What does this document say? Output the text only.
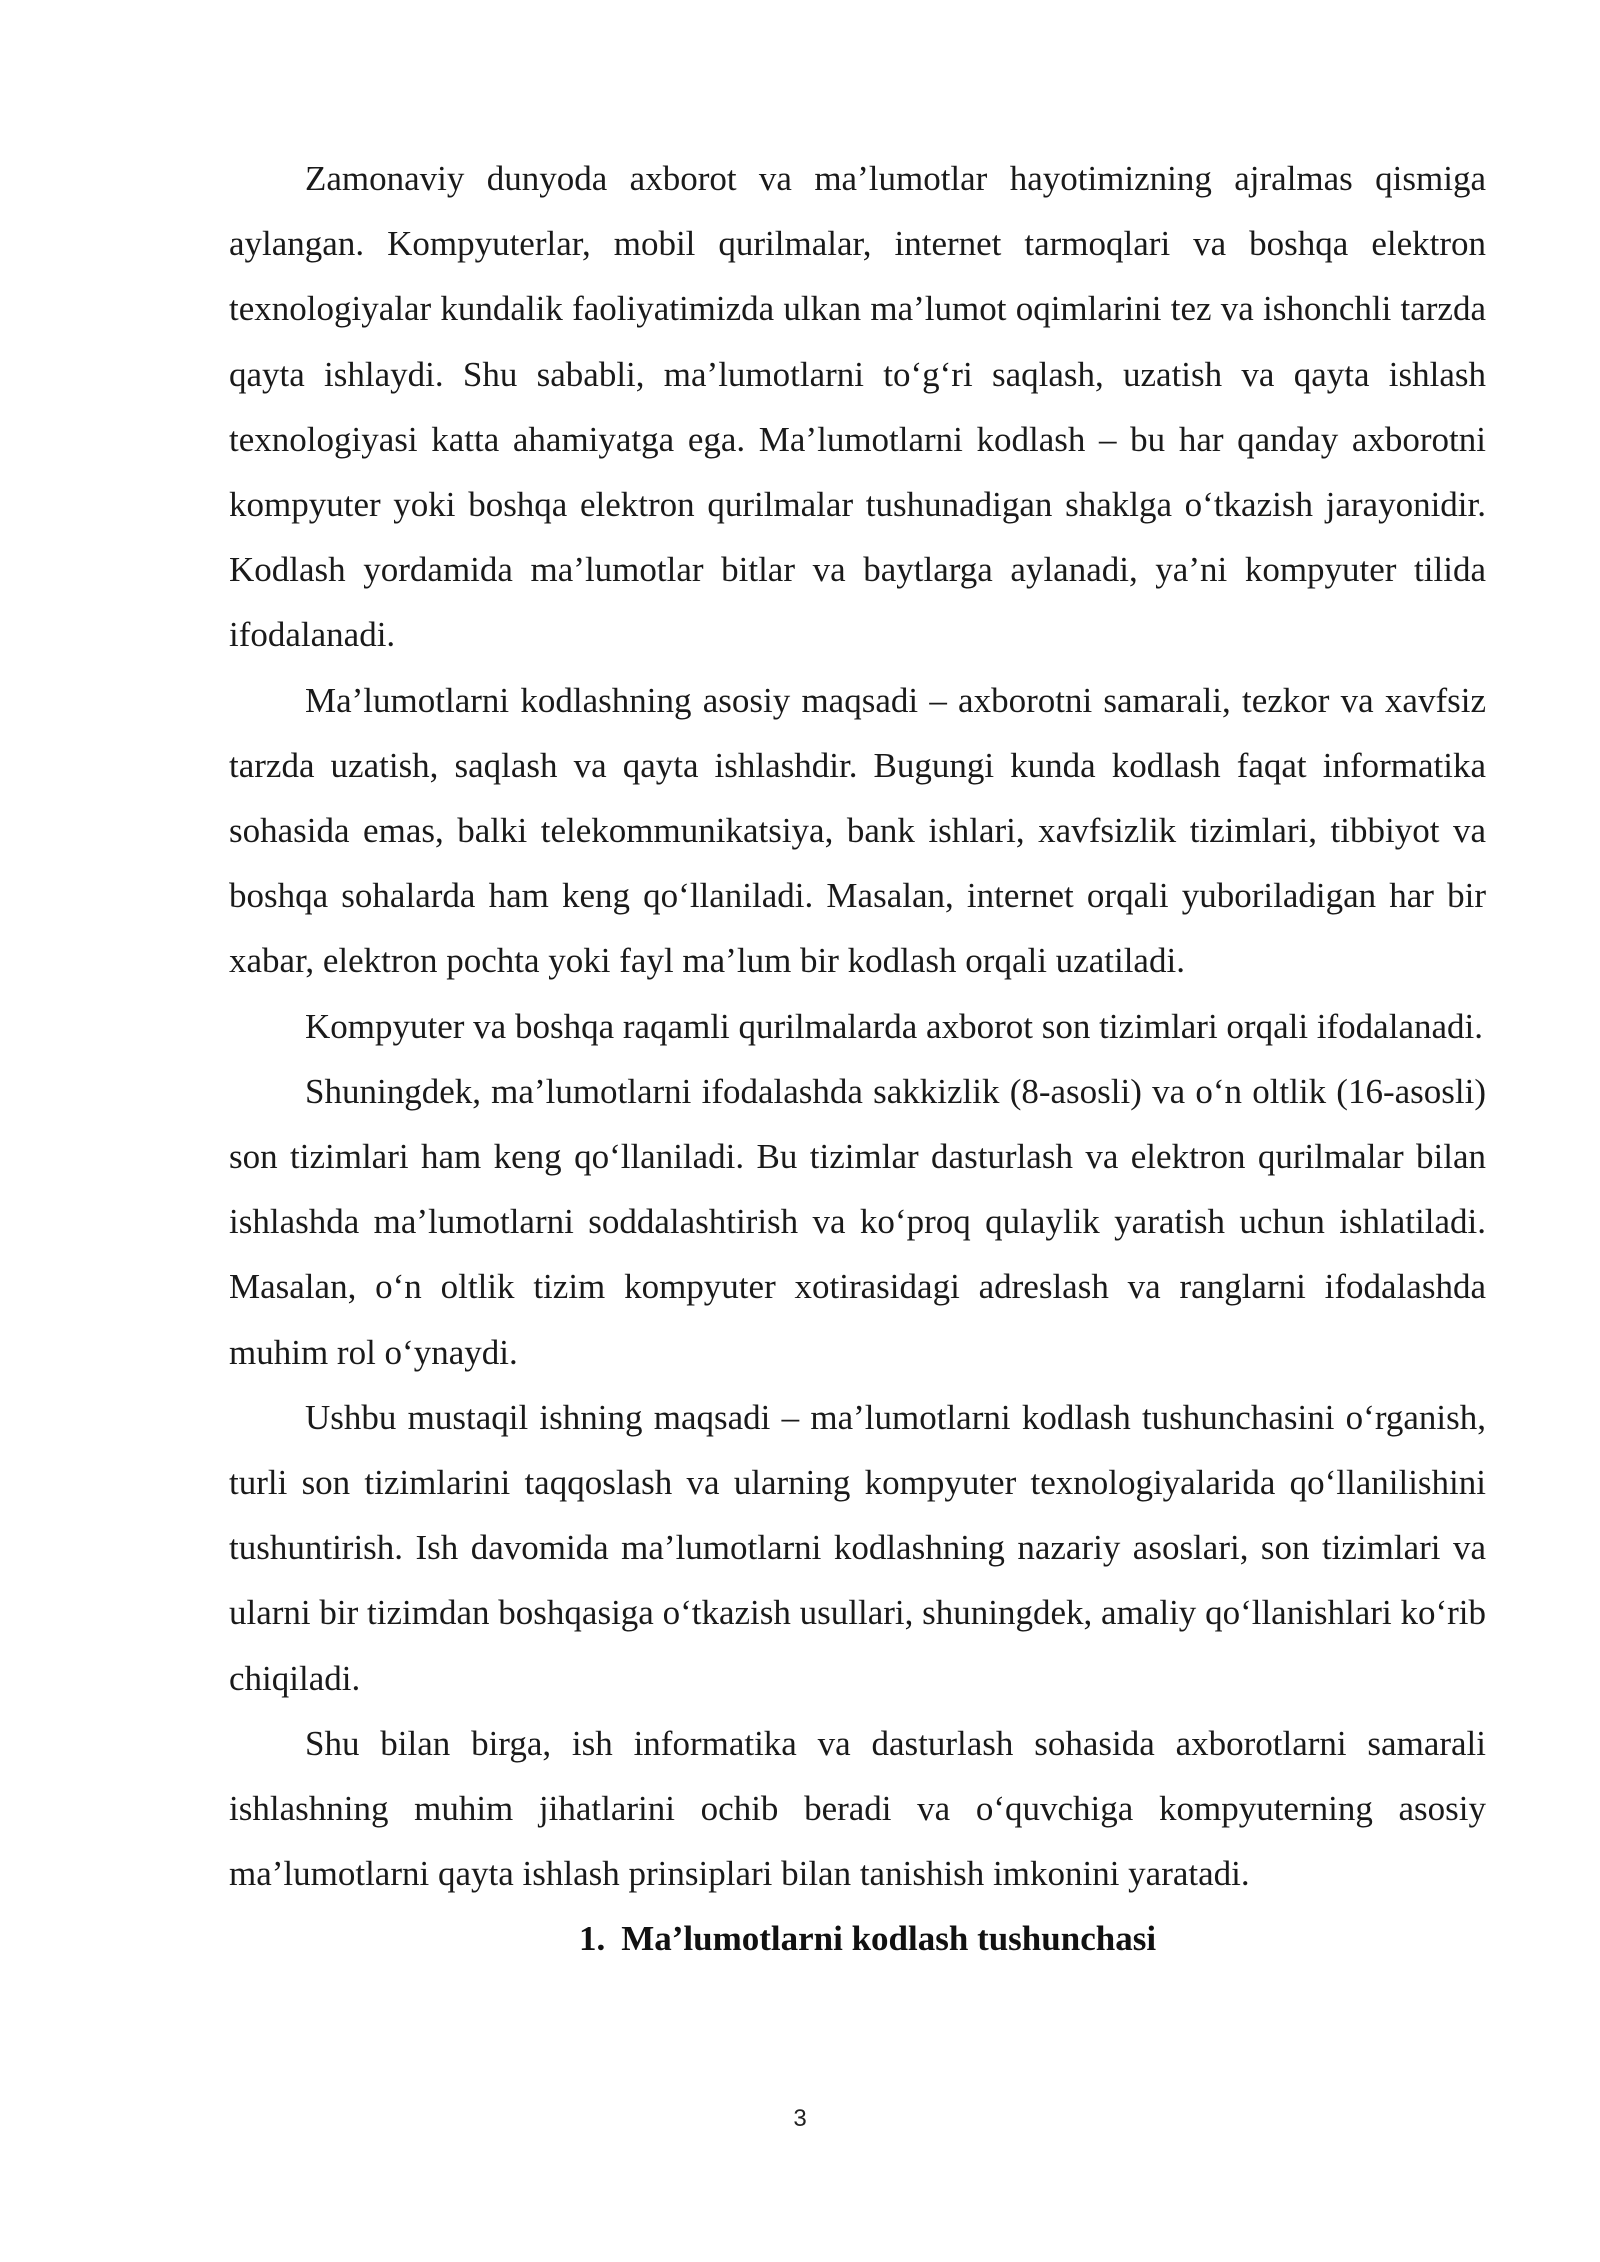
Zamonaviy dunyoda axborot va ma’lumotlar hayotimizning ajralmas qismiga aylangan. Kompyuterlar, mobil qurilmalar, internet tarmoqlari va boshqa elektron texnologiyalar kundalik faoliyatimizda ulkan ma’lumot oqimlarini tez va ishonchli tarzda qayta ishlaydi. Shu sababli, ma’lumotlarni to‘g‘ri saqlash, uzatish va qayta ishlash texnologiyasi katta ahamiyatga ega. Ma’lumotlarni kodlash – bu har qanday axborotni kompyuter yoki boshqa elektron qurilmalar tushunadigan shaklga o‘tkazish jarayonidir. Kodlash yordamida ma’lumotlar bitlar va baytlarga aylanadi, ya’ni kompyuter tilida ifodalanadi.

Ma’lumotlarni kodlashning asosiy maqsadi – axborotni samarali, tezkor va xavfsiz tarzda uzatish, saqlash va qayta ishlashdir. Bugungi kunda kodlash faqat informatika sohasida emas, balki telekommunikatsiya, bank ishlari, xavfsizlik tizimlari, tibbiyot va boshqa sohalarda ham keng qo‘llaniladi. Masalan, internet orqali yuboriladigan har bir xabar, elektron pochta yoki fayl ma’lum bir kodlash orqali uzatiladi.

Kompyuter va boshqa raqamli qurilmalarda axborot son tizimlari orqali ifodalanadi.

Shuningdek, ma’lumotlarni ifodalashda sakkizlik (8-asosli) va o‘n oltlik (16-asosli) son tizimlari ham keng qo‘llaniladi. Bu tizimlar dasturlash va elektron qurilmalar bilan ishlashda ma’lumotlarni soddalashtirish va ko‘proq qulaylik yaratish uchun ishlatiladi. Masalan, o‘n oltlik tizim kompyuter xotirasidagi adreslash va ranglarni ifodalashda muhim rol o‘ynaydi.

Ushbu mustaqil ishning maqsadi – ma’lumotlarni kodlash tushunchasini o‘rganish, turli son tizimlarini taqqoslash va ularning kompyuter texnologiyalarida qo‘llanilishini tushuntirish. Ish davomida ma’lumotlarni kodlashning nazariy asoslari, son tizimlari va ularni bir tizimdan boshqasiga o‘tkazish usullari, shuningdek, amaliy qo‘llanishlari ko‘rib chiqiladi.

Shu bilan birga, ish informatika va dasturlash sohasida axborotlarni samarali ishlashning muhim jihatlarini ochib beradi va o‘quvchiga kompyuterning asosiy ma’lumotlarni qayta ishlash prinsiplari bilan tanishish imkonini yaratadi.

1. Ma’lumotlarni kodlash tushunchasi
3
